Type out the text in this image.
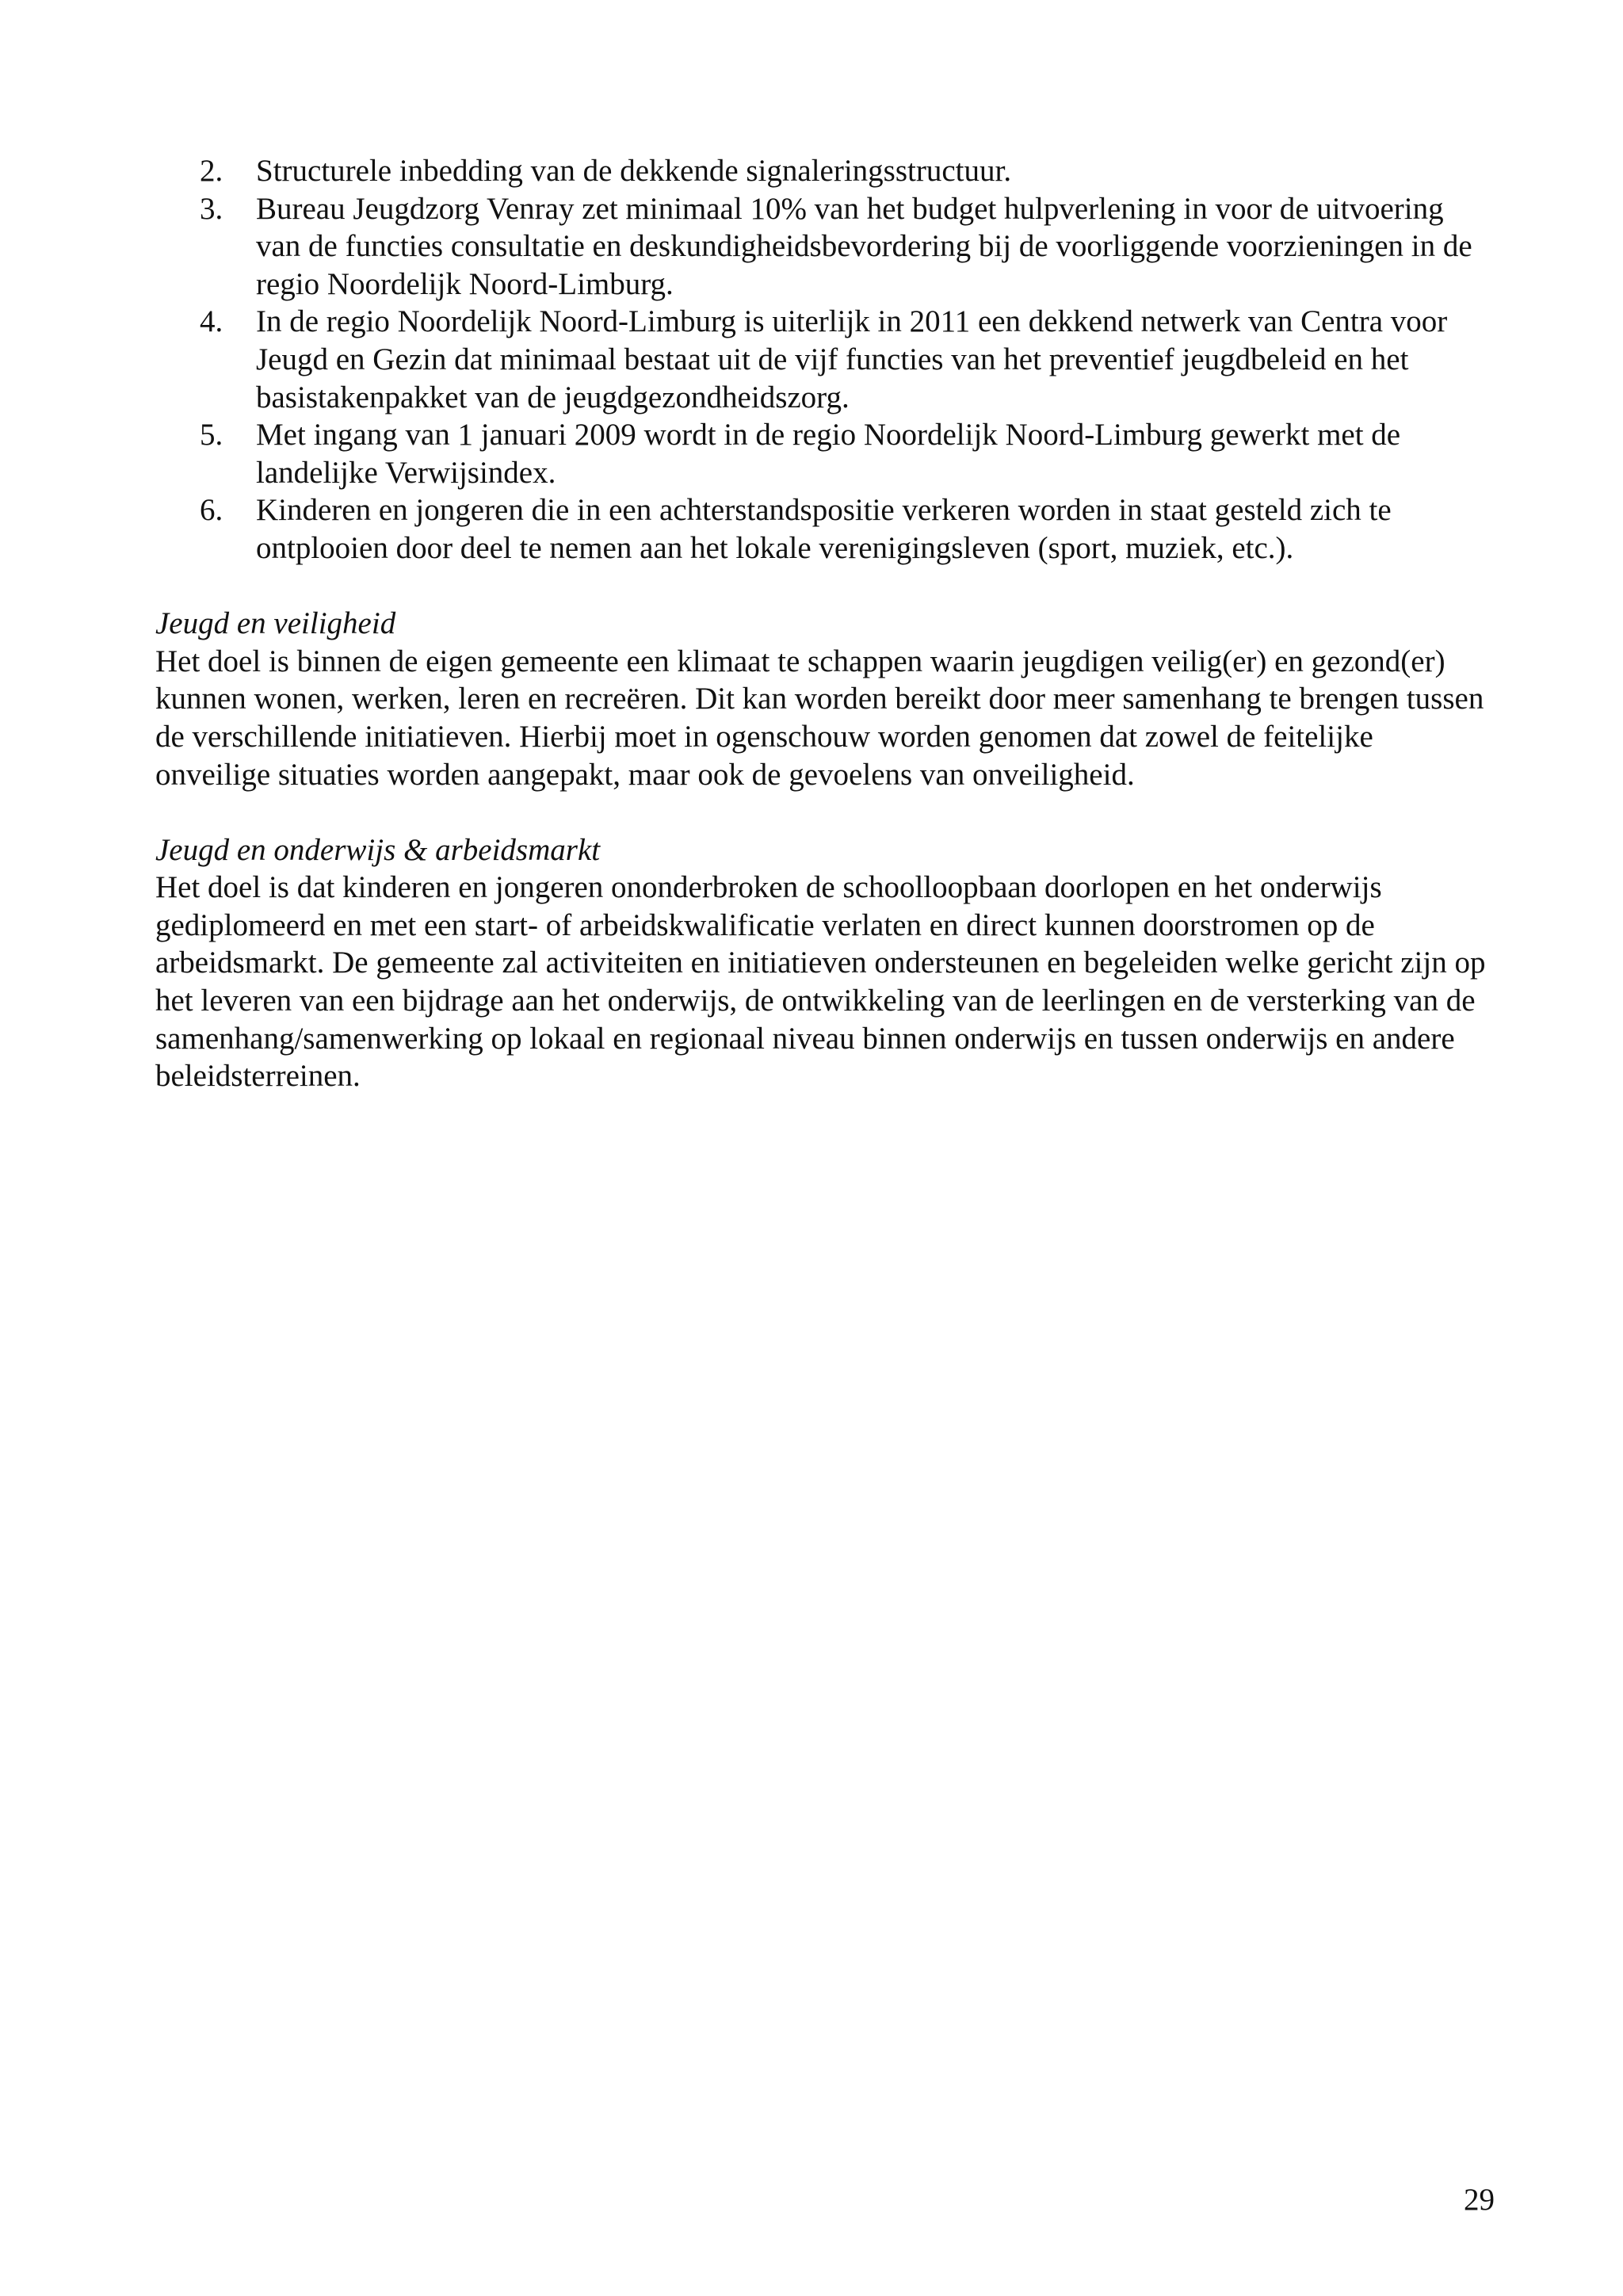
2. Structurele inbedding van de dekkende signaleringsstructuur.
3. Bureau Jeugdzorg Venray zet minimaal 10% van het budget hulpverlening in voor de uitvoering van de functies consultatie en deskundigheidsbevordering bij de voorliggende voorzieningen in de regio Noordelijk Noord-Limburg.
4. In de regio Noordelijk Noord-Limburg is uiterlijk in 2011 een dekkend netwerk van Centra voor Jeugd en Gezin dat minimaal bestaat uit de vijf functies van het preventief jeugdbeleid en het basistakenpakket van de jeugdgezondheidszorg.
5. Met ingang van 1 januari 2009 wordt in de regio Noordelijk Noord-Limburg gewerkt met de landelijke Verwijsindex.
6. Kinderen en jongeren die in een achterstandspositie verkeren worden in staat gesteld zich te ontplooien door deel te nemen aan het lokale verenigingsleven (sport, muziek, etc.).

Jeugd en veiligheid

Het doel is binnen de eigen gemeente een klimaat te schappen waarin jeugdigen veilig(er) en gezond(er) kunnen wonen, werken, leren en recreëren. Dit kan worden bereikt door meer samenhang te brengen tussen de verschillende initiatieven. Hierbij moet in ogenschouw worden genomen dat zowel de feitelijke onveilige situaties worden aangepakt, maar ook de gevoelens van onveiligheid.

Jeugd en onderwijs & arbeidsmarkt

Het doel is dat kinderen en jongeren ononderbroken de schoolloopbaan doorlopen en het onderwijs gediplomeerd en met een start- of arbeidskwalificatie verlaten en direct kunnen doorstromen op de arbeidsmarkt. De gemeente zal activiteiten en initiatieven ondersteunen en begeleiden welke gericht zijn op het leveren van een bijdrage aan het onderwijs, de ontwikkeling van de leerlingen en de versterking van de samenhang/samenwerking op lokaal en regionaal niveau binnen onderwijs en tussen onderwijs en andere beleidsterreinen.

29
